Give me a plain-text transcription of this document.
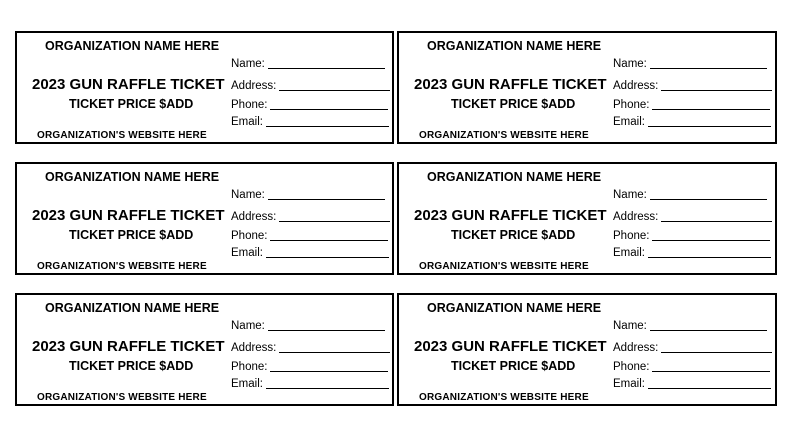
ORGANIZATION NAME HERE
2023 GUN RAFFLE TICKET
TICKET PRICE $ADD
ORGANIZATION'S WEBSITE HERE
Name:
Address:
Phone:
Email:
ORGANIZATION NAME HERE
2023 GUN RAFFLE TICKET
TICKET PRICE $ADD
ORGANIZATION'S WEBSITE HERE
Name:
Address:
Phone:
Email:
ORGANIZATION NAME HERE
2023 GUN RAFFLE TICKET
TICKET PRICE $ADD
ORGANIZATION'S WEBSITE HERE
Name:
Address:
Phone:
Email:
ORGANIZATION NAME HERE
2023 GUN RAFFLE TICKET
TICKET PRICE $ADD
ORGANIZATION'S WEBSITE HERE
Name:
Address:
Phone:
Email:
ORGANIZATION NAME HERE
2023 GUN RAFFLE TICKET
TICKET PRICE $ADD
ORGANIZATION'S WEBSITE HERE
Name:
Address:
Phone:
Email:
ORGANIZATION NAME HERE
2023 GUN RAFFLE TICKET
TICKET PRICE $ADD
ORGANIZATION'S WEBSITE HERE
Name:
Address:
Phone:
Email:
